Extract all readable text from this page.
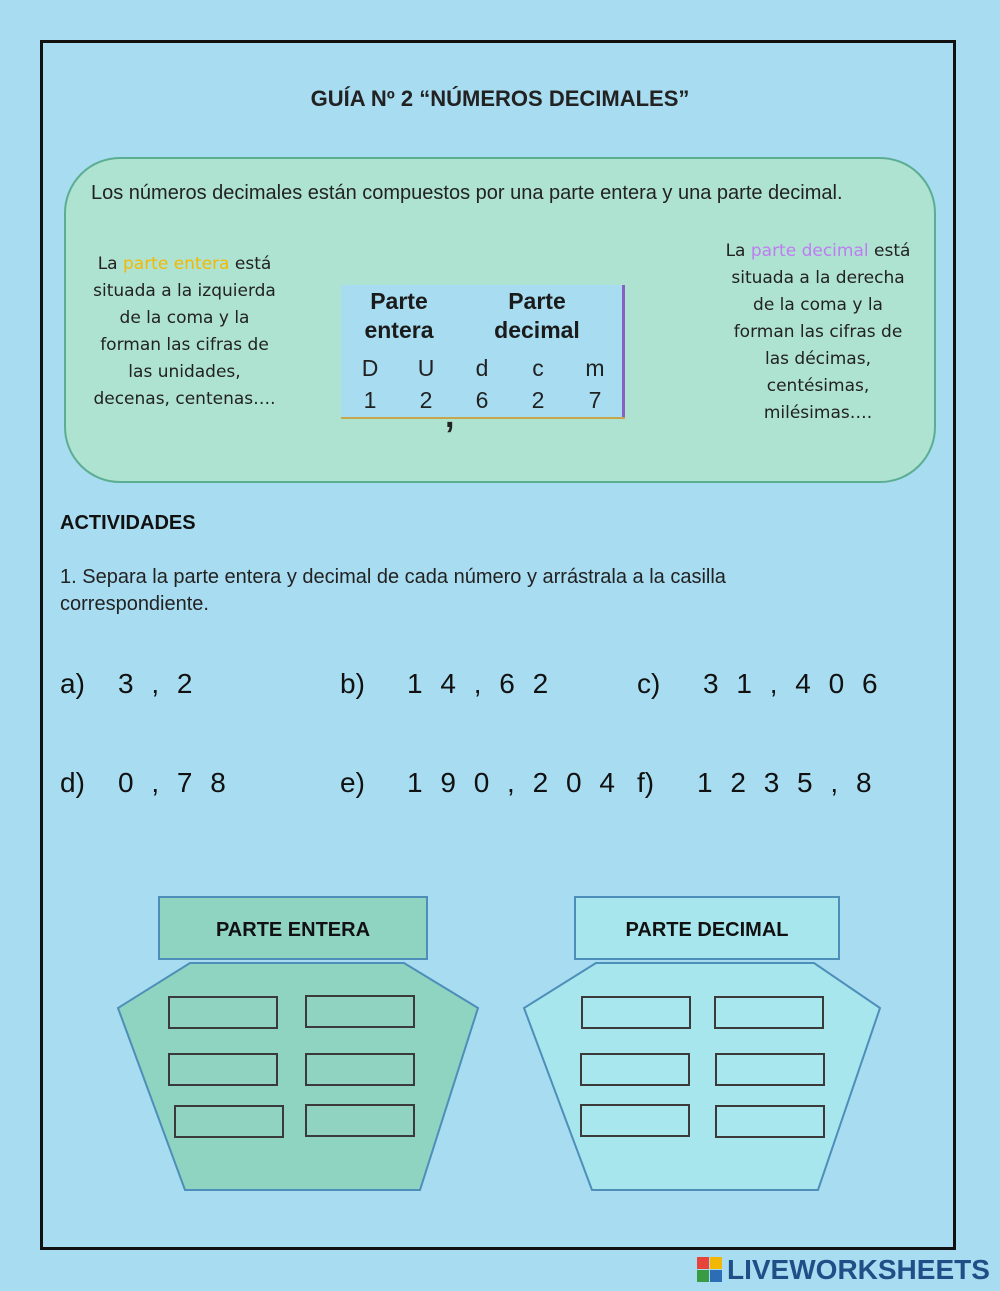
GUÍA Nº 2 “NÚMEROS DECIMALES”
Los números decimales están compuestos por una parte entera y una parte decimal.
La parte entera está situada a la izquierda de la coma y la forman las cifras de las unidades, decenas, centenas….
La parte decimal está situada a la derecha de la coma y la forman las cifras de las décimas, centésimas, milésimas….
Parte entera
Parte decimal
D	U	d	c	m
1	2	6	2	7
,
ACTIVIDADES
1. Separa la parte entera y decimal de cada número y arrástrala a la casilla correspondiente.
a) 3 , 2	b) 1 4 , 6 2	c) 3 1 , 4 0 6
d) 0 , 7 8	e) 1 9 0 , 2 0 4 f) 1 2 3 5 , 8
PARTE ENTERA	PARTE DECIMAL
LIVEWORKSHEETS
